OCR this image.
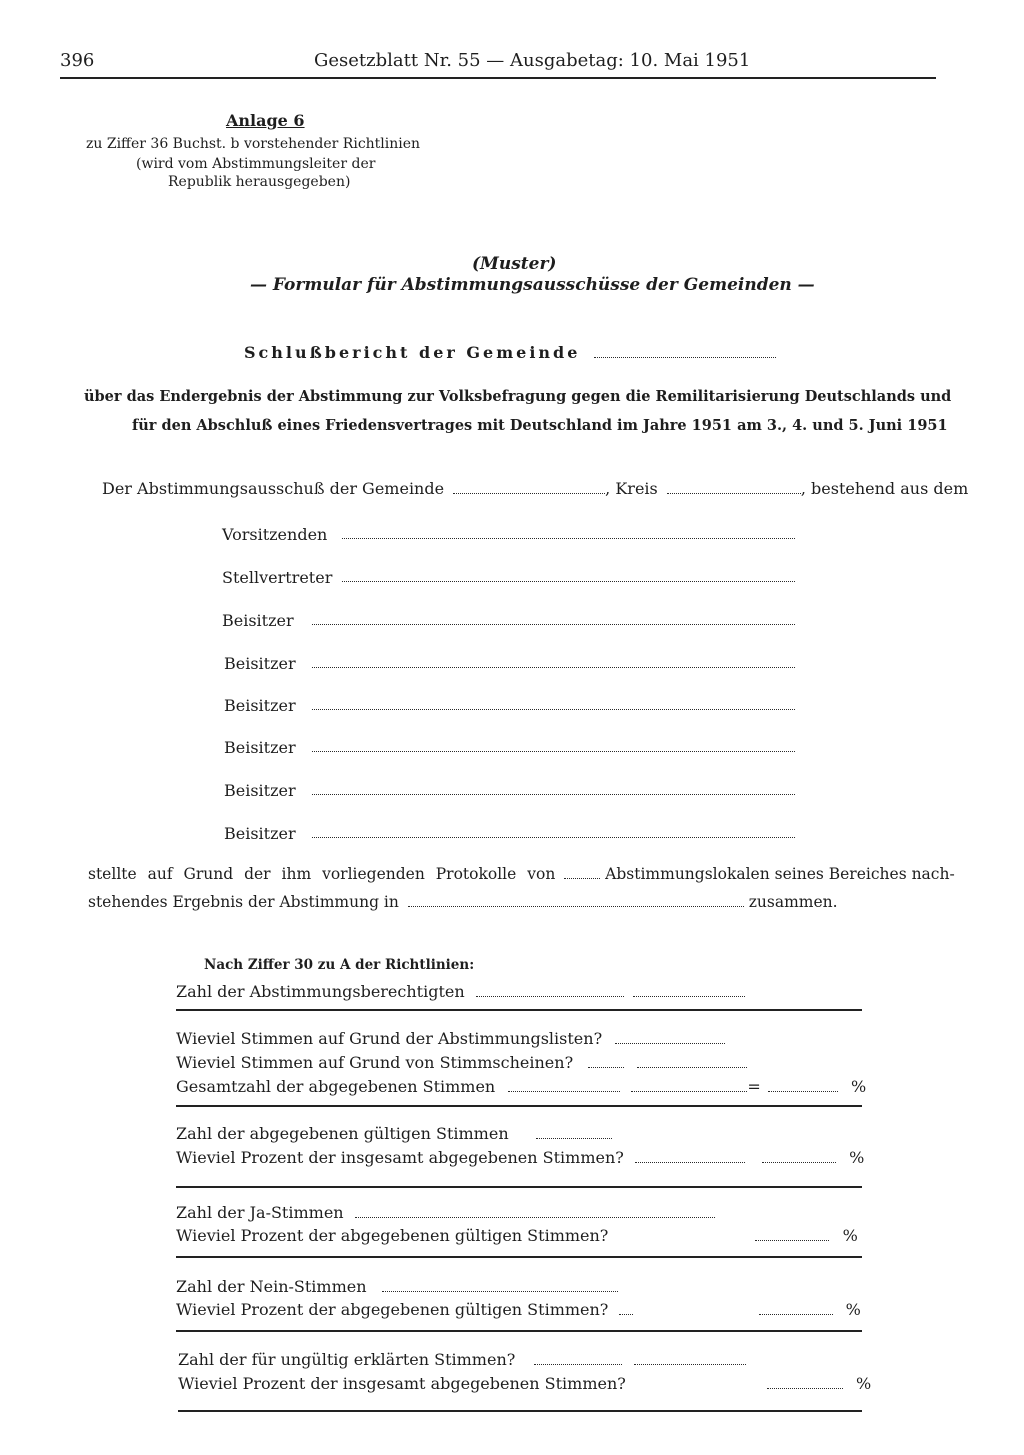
396	Gesetzblatt Nr. 55 — Ausgabetag: 10. Mai 1951
Anlage 6
zu Ziffer 36 Buchst. b vorstehender Richtlinien
(wird vom Abstimmungsleiter der
Republik herausgegeben)
(Muster)
— Formular für Abstimmungsausschüsse der Gemeinden —
Schlußbericht der Gemeinde
über das Endergebnis der Abstimmung zur Volksbefragung gegen die Remilitarisierung Deutschlands und
für den Abschluß eines Friedensvertrages mit Deutschland im Jahre 1951 am 3., 4. und 5. Juni 1951
Der Abstimmungsausschuß der Gemeinde	, Kreis	, bestehend aus dem
Vorsitzenden
Stellvertreter
Beisitzer
Beisitzer
Beisitzer
Beisitzer
Beisitzer
Beisitzer
stellte auf Grund der ihm vorliegenden Protokolle von	Abstimmungslokalen seines Bereiches nach-
stehendes Ergebnis der Abstimmung in	zusammen.
Nach Ziffer 30 zu A der Richtlinien:
Zahl der Abstimmungsberechtigten
Wieviel Stimmen auf Grund der Abstimmungslisten?
Wieviel Stimmen auf Grund von Stimmscheinen?
Gesamtzahl der abgegebenen Stimmen	=	%
Zahl der abgegebenen gültigen Stimmen
Wieviel Prozent der insgesamt abgegebenen Stimmen?	%
Zahl der Ja-Stimmen
Wieviel Prozent der abgegebenen gültigen Stimmen?	%
Zahl der Nein-Stimmen
Wieviel Prozent der abgegebenen gültigen Stimmen?	%
Zahl der für ungültig erklärten Stimmen?
Wieviel Prozent der insgesamt abgegebenen Stimmen?	%
